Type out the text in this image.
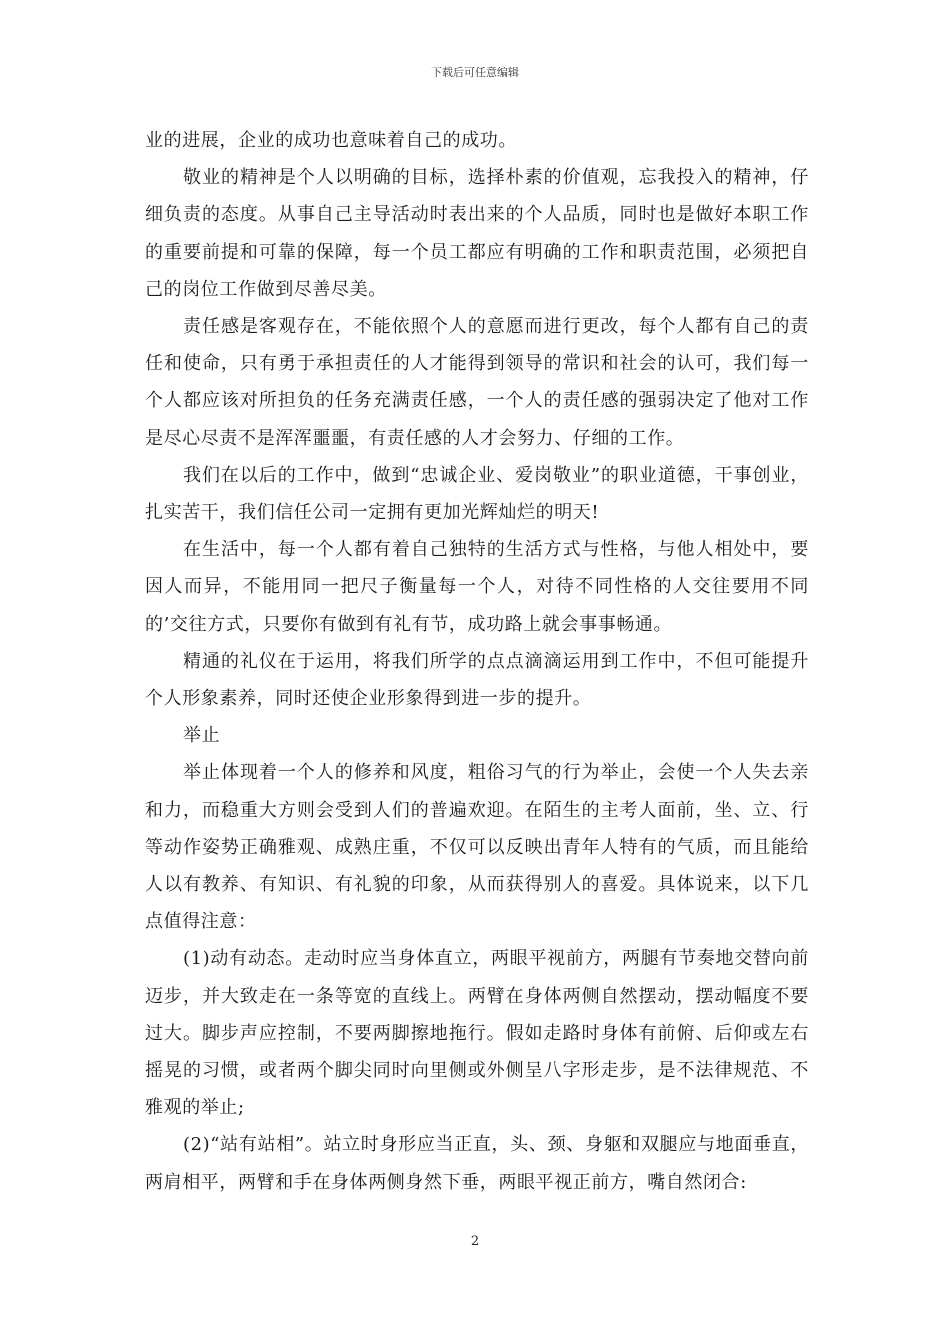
下载后可任意编辑

业的进展，企业的成功也意味着自己的成功。

敬业的精神是个人以明确的目标，选择朴素的价值观，忘我投入的精神，仔细负责的态度。从事自己主导活动时表出来的个人品质，同时也是做好本职工作的重要前提和可靠的保障，每一个员工都应有明确的工作和职责范围，必须把自己的岗位工作做到尽善尽美。

责任感是客观存在，不能依照个人的意愿而进行更改，每个人都有自己的责任和使命，只有勇于承担责任的人才能得到领导的常识和社会的认可，我们每一个人都应该对所担负的任务充满责任感，一个人的责任感的强弱决定了他对工作是尽心尽责不是浑浑噩噩，有责任感的人才会努力、仔细的工作。

我们在以后的工作中，做到“忠诚企业、爱岗敬业”的职业道德，干事创业，扎实苦干，我们信任公司一定拥有更加光辉灿烂的明天!

在生活中，每一个人都有着自己独特的生活方式与性格，与他人相处中，要因人而异，不能用同一把尺子衡量每一个人，对待不同性格的人交往要用不同的’交往方式，只要你有做到有礼有节，成功路上就会事事畅通。

精通的礼仪在于运用，将我们所学的点点滴滴运用到工作中，不但可能提升个人形象素养，同时还使企业形象得到进一步的提升。

举止

举止体现着一个人的修养和风度，粗俗习气的行为举止，会使一个人失去亲和力，而稳重大方则会受到人们的普遍欢迎。在陌生的主考人面前，坐、立、行等动作姿势正确雅观、成熟庄重，不仅可以反映出青年人特有的气质，而且能给人以有教养、有知识、有礼貌的印象，从而获得别人的喜爱。具体说来，以下几点值得注意：

(1)动有动态。走动时应当身体直立，两眼平视前方，两腿有节奏地交替向前迈步，并大致走在一条等宽的直线上。两臂在身体两侧自然摆动，摆动幅度不要过大。脚步声应控制，不要两脚擦地拖行。假如走路时身体有前俯、后仰或左右摇晃的习惯，或者两个脚尖同时向里侧或外侧呈八字形走步，是不法律规范、不雅观的举止;

(2)“站有站相”。站立时身形应当正直，头、颈、身躯和双腿应与地面垂直，两肩相平，两臂和手在身体两侧身然下垂，两眼平视正前方，嘴自然闭合:

2
